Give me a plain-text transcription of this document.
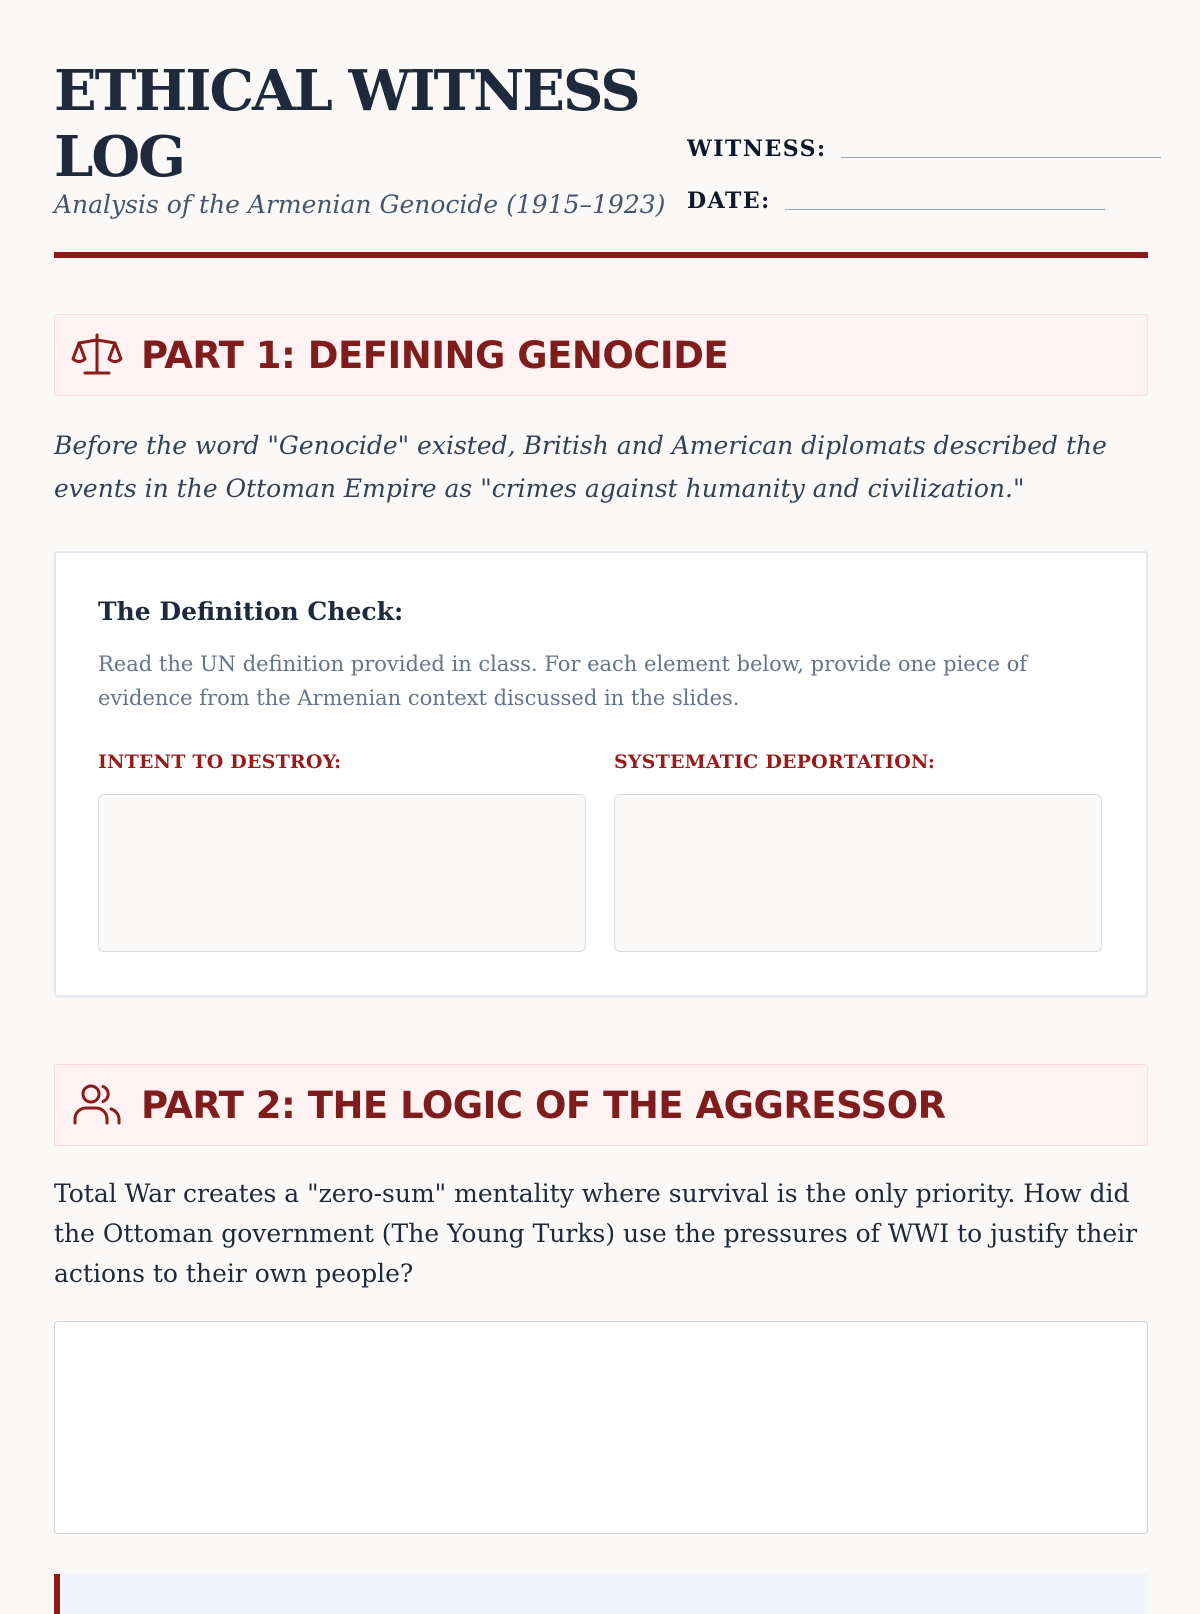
ETHICAL WITNESS LOG
Analysis of the Armenian Genocide (1915–1923)
WITNESS:
DATE:
PART 1: DEFINING GENOCIDE
Before the word "Genocide" existed, British and American diplomats described the events in the Ottoman Empire as "crimes against humanity and civilization."
The Definition Check:
Read the UN definition provided in class. For each element below, provide one piece of evidence from the Armenian context discussed in the slides.
INTENT TO DESTROY:	SYSTEMATIC DEPORTATION:
PART 2: THE LOGIC OF THE AGGRESSOR
Total War creates a "zero-sum" mentality where survival is the only priority. How did the Ottoman government (The Young Turks) use the pressures of WWI to justify their actions to their own people?
